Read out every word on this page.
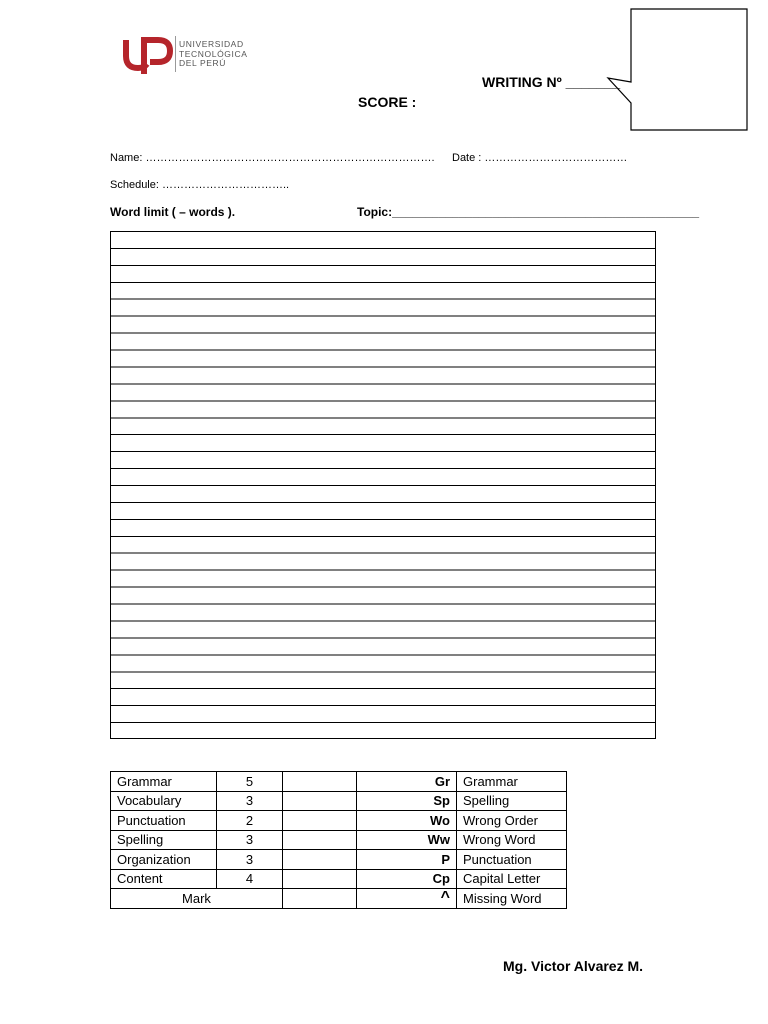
UNIVERSIDAD
TECNOLÓGICA
DEL PERÚ
WRITING Nº _______
SCORE :
Name: ……………………………………………………………………. Date : …………………………………
Schedule: ……………………………..
Word limit ( – words ).	Topic:______________________________________________
Grammar	5		Gr	Grammar
Vocabulary	3		Sp	Spelling
Punctuation	2		Wo	Wrong Order
Spelling	3		Ww	Wrong Word
Organization	3		P	Punctuation
Content	4		Cp	Capital Letter
Mark			^	Missing Word
Mg. Victor Alvarez M.
